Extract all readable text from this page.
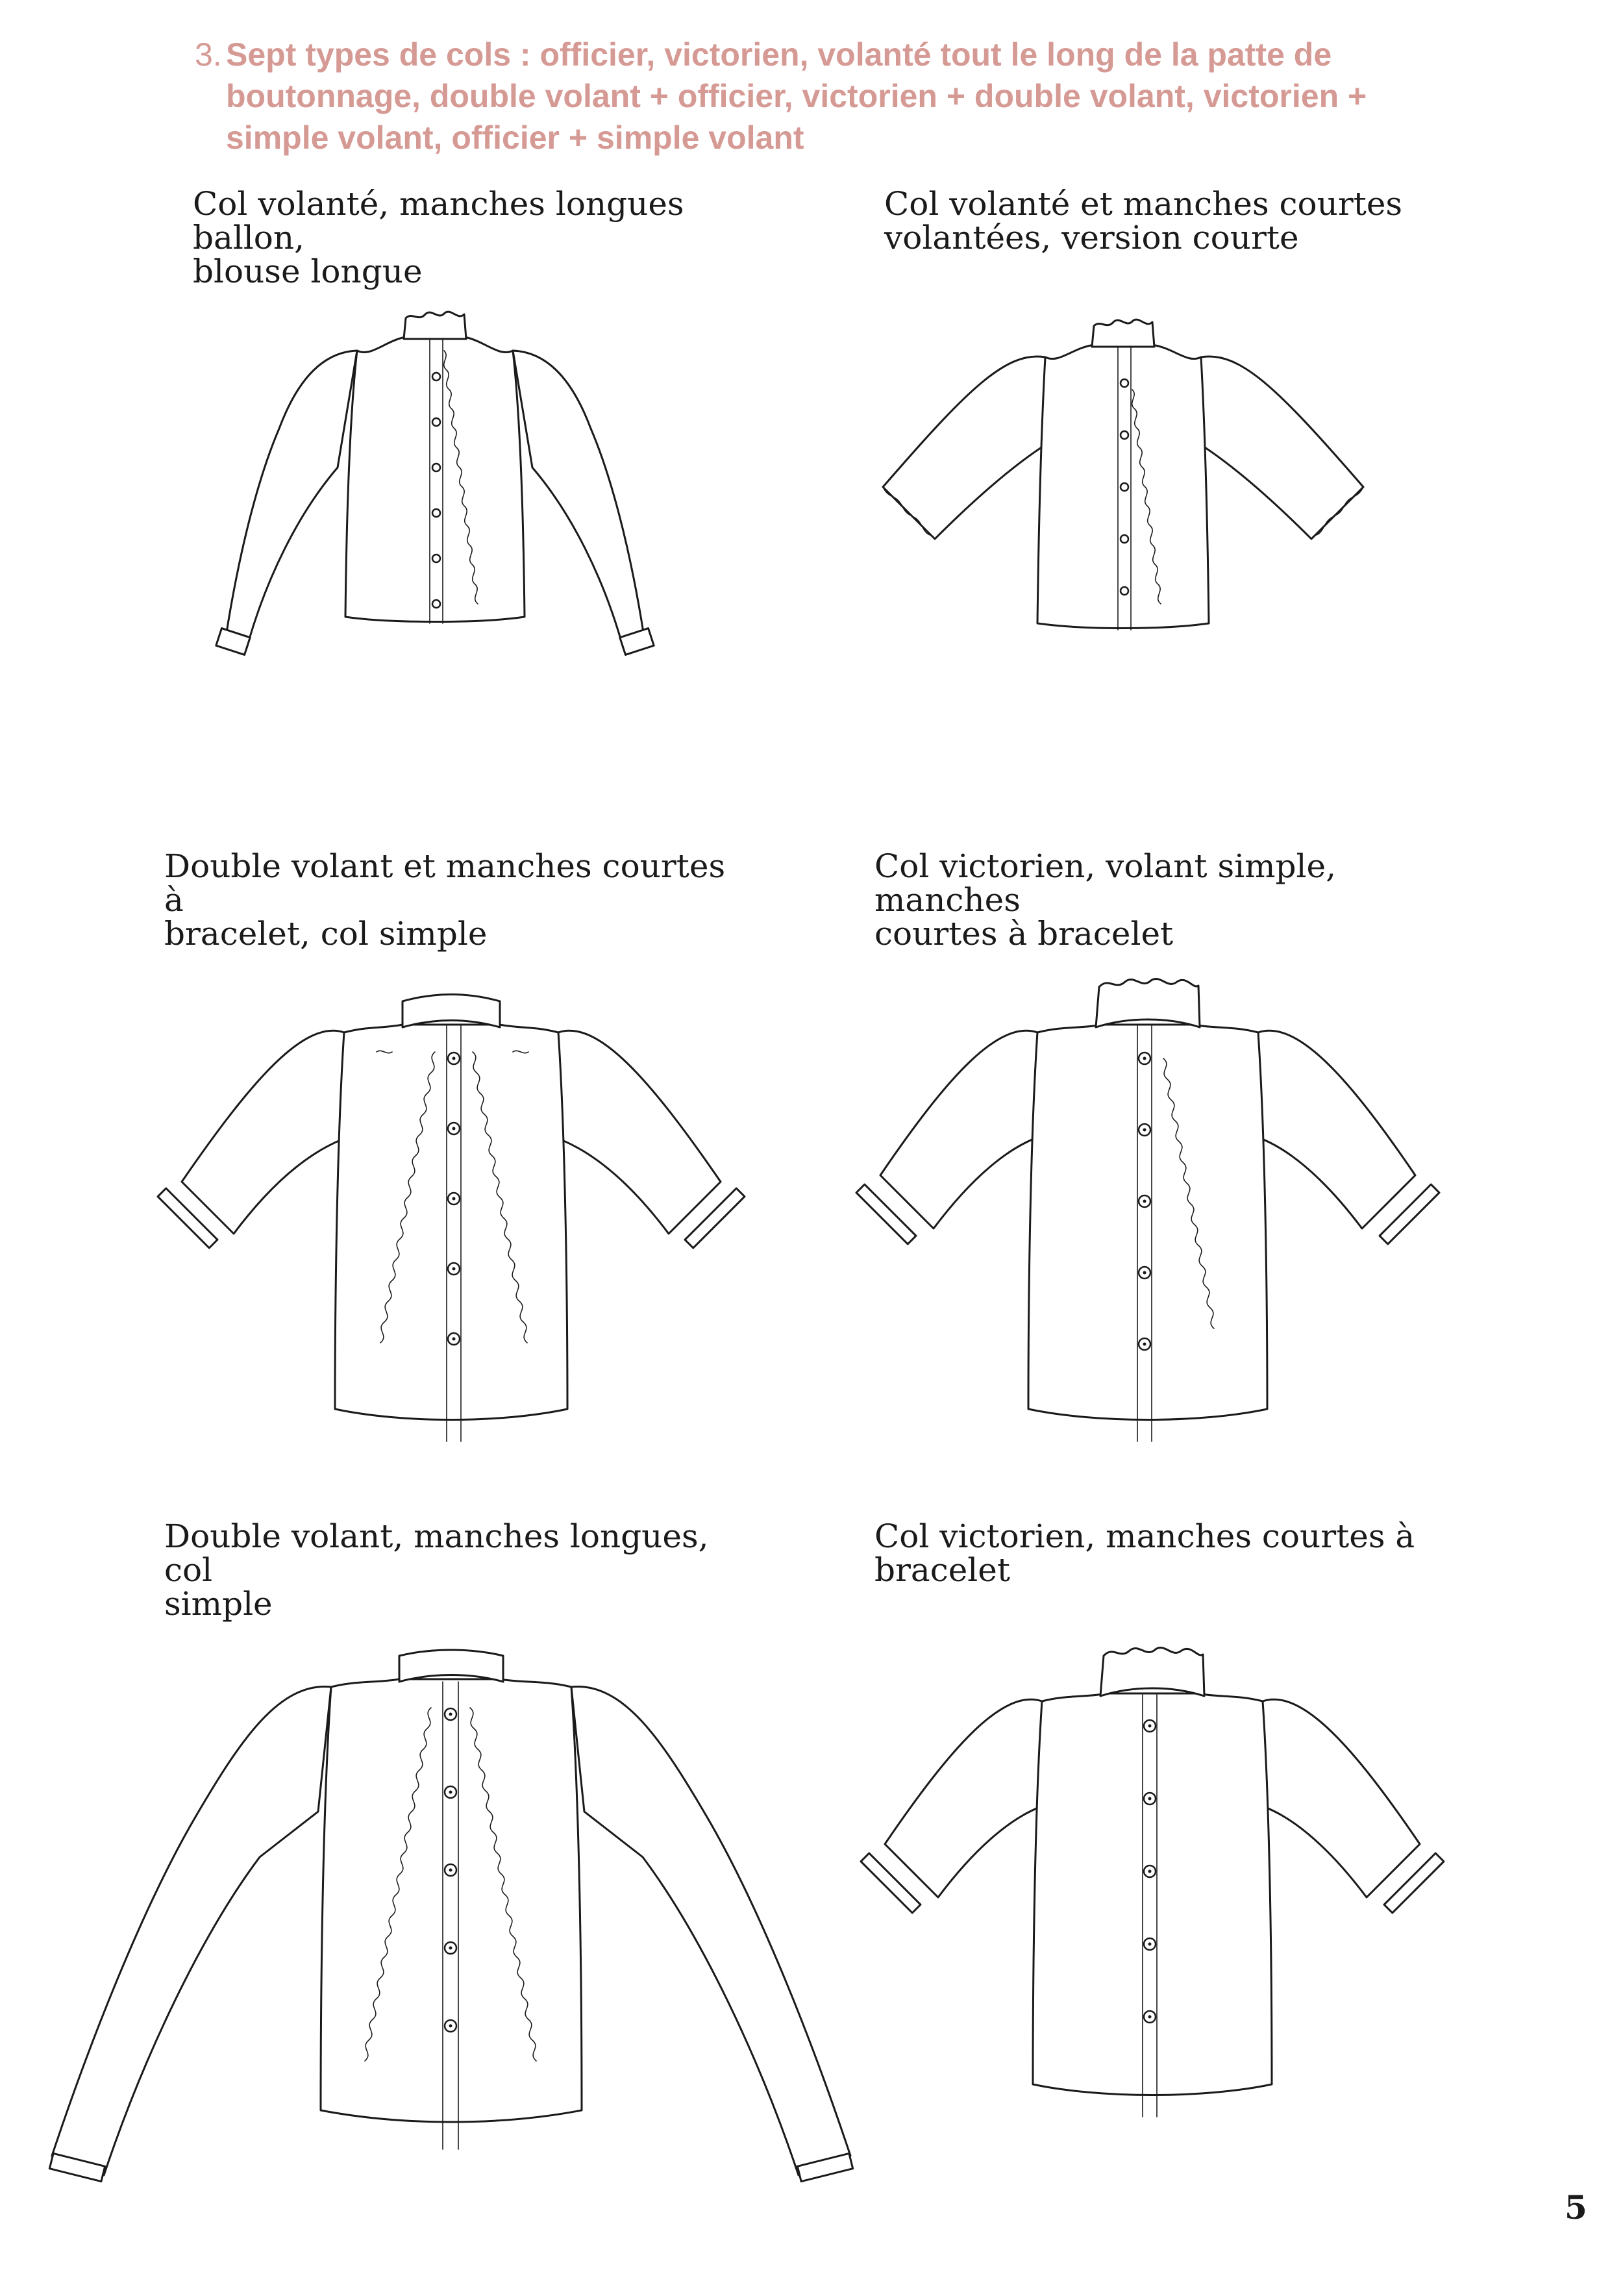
3. Sept types de cols : officier, victorien, volanté tout le long de la patte de boutonnage, double volant + officier, victorien + double volant, victorien + simple volant, officier + simple volant
Col volanté, manches longues ballon,
blouse longue
Col volanté et manches courtes
volantées, version courte
Double volant et manches courtes à
bracelet, col simple
Col victorien, volant simple, manches
courtes à bracelet
Double volant, manches longues, col
simple
Col victorien, manches courtes à
bracelet
5
